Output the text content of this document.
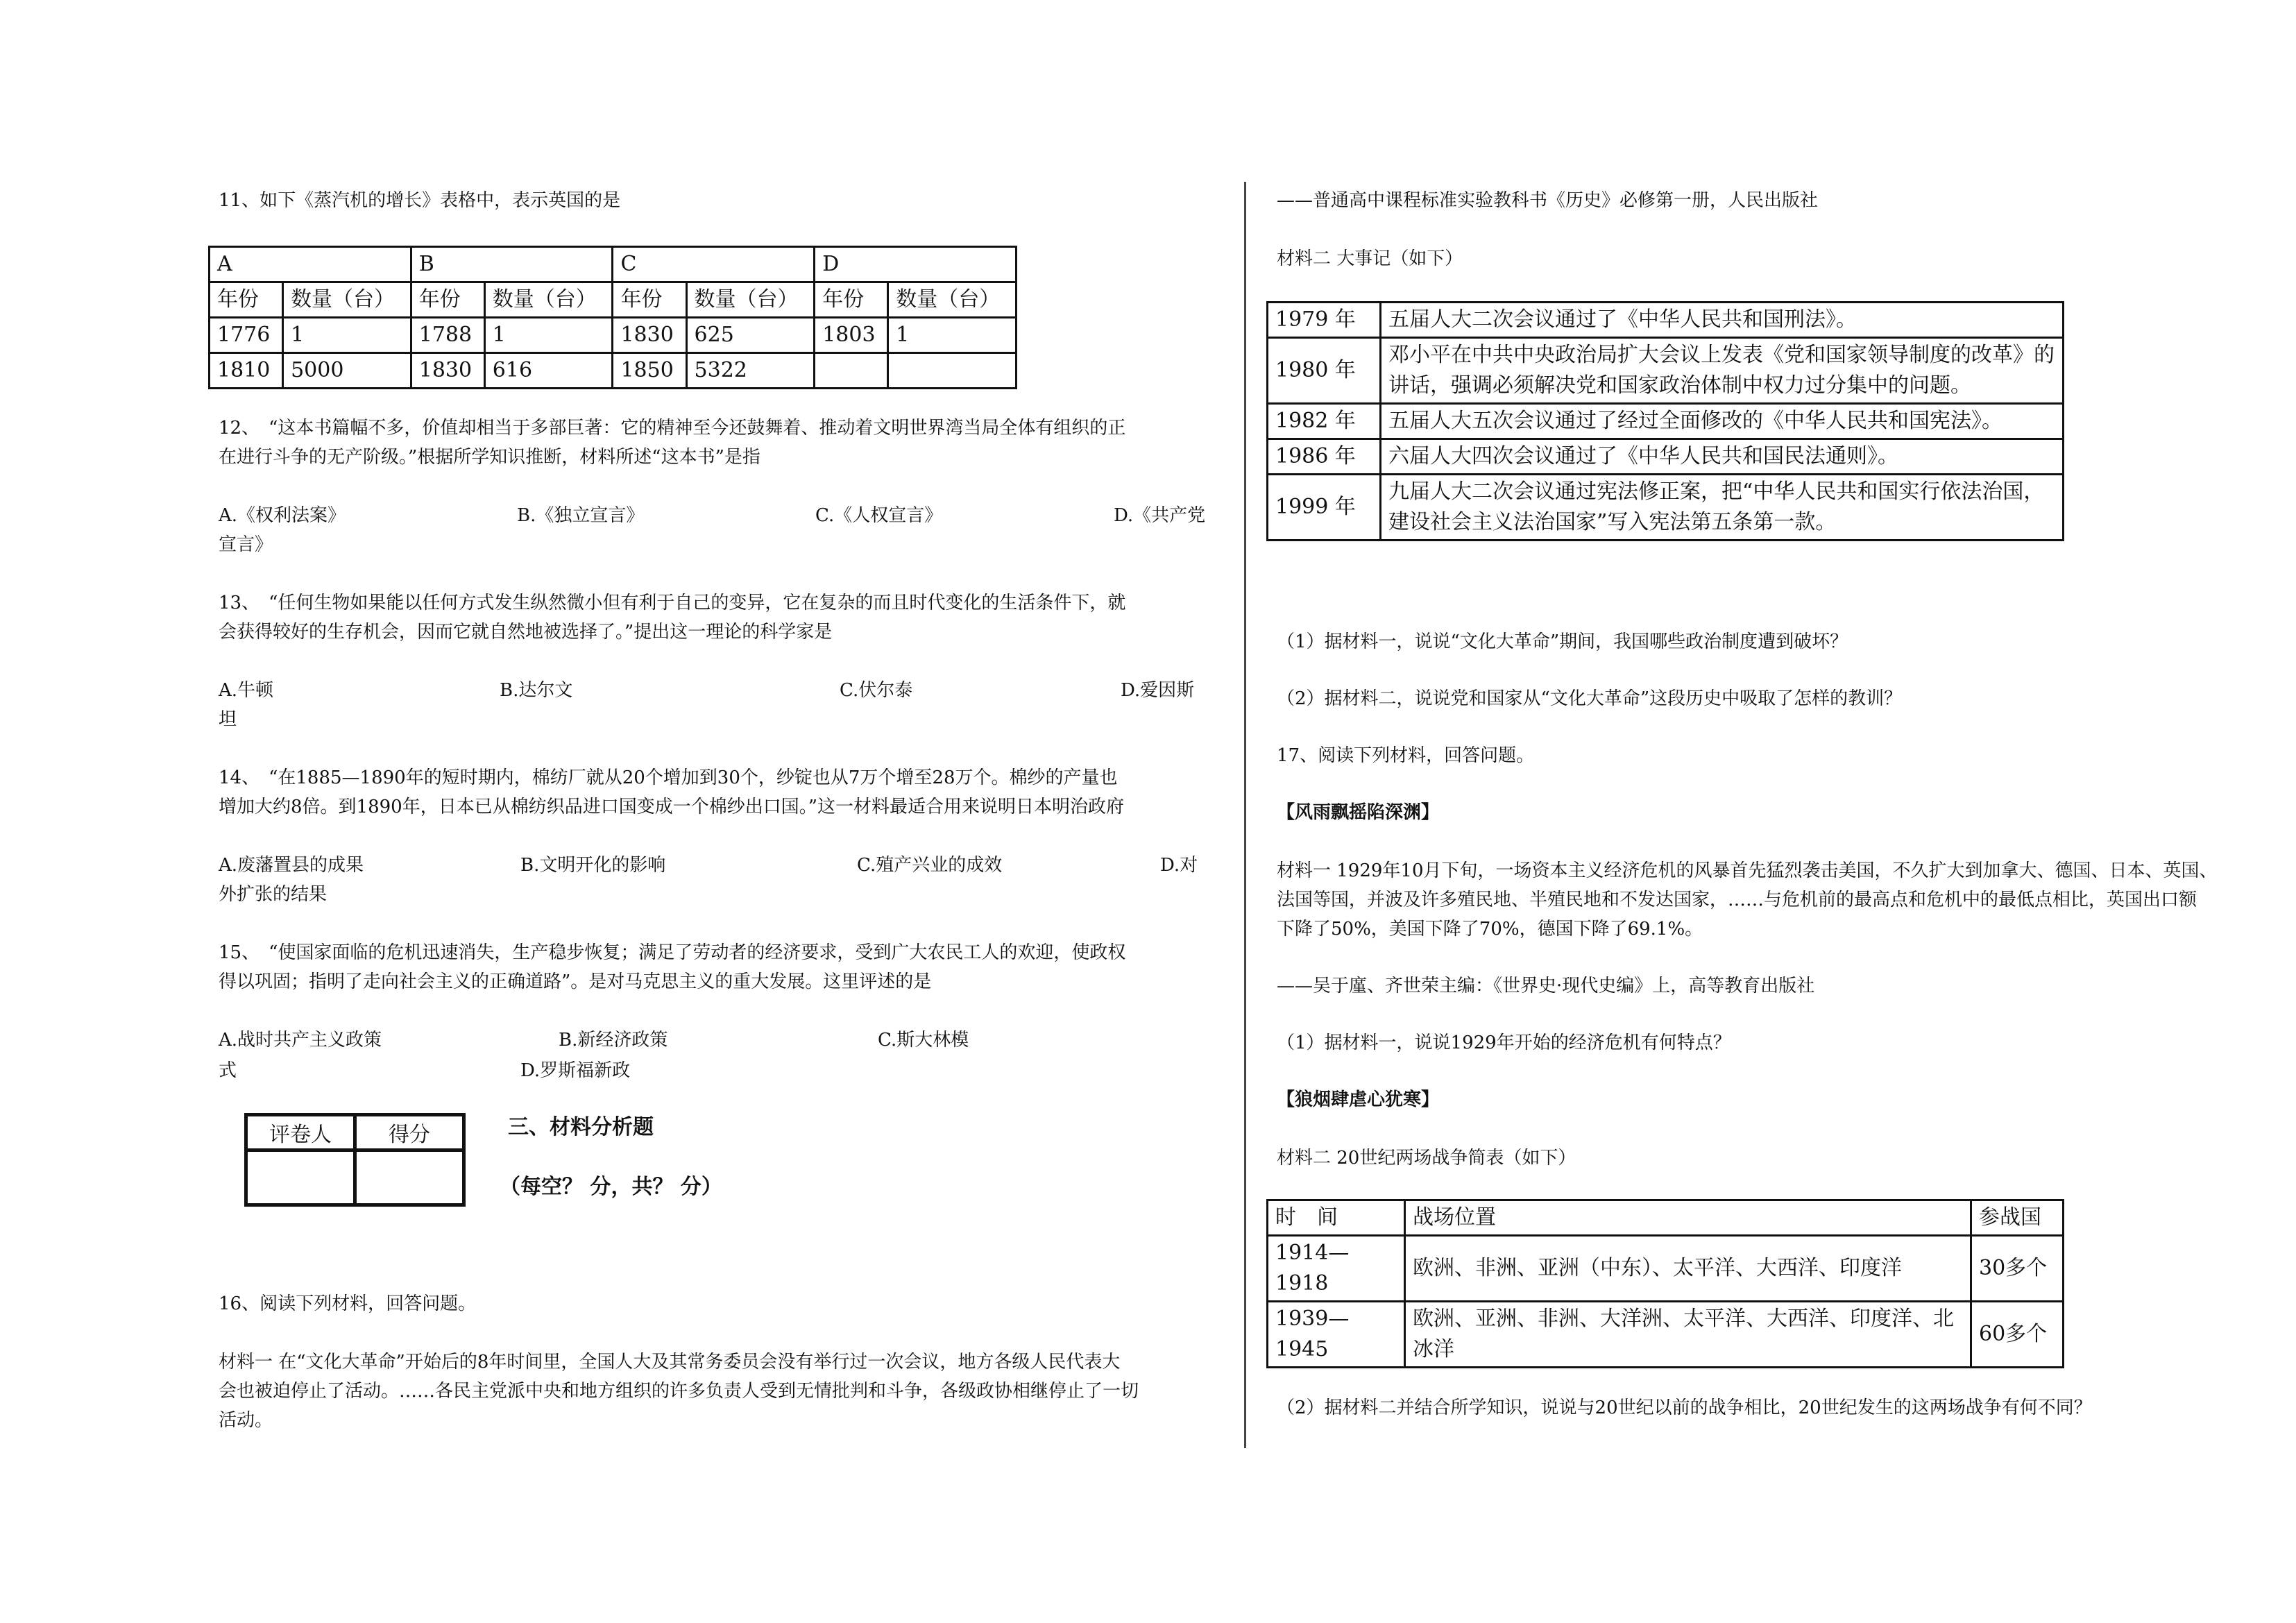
11、如下《蒸汽机的增长》表格中，表示英国的是
A		B		C		D	
年份	数量（台）	年份	数量（台）	年份	数量（台）	年份	数量（台）
1776	1	1788	1	1830	625	1803	1
1810	5000	1830	616	1850	5322		
12、　“这本书篇幅不多，价值却相当于多部巨著：它的精神至今还鼓舞着、推动着文明世界湾当局全体有组织的正
在进行斗争的无产阶级。”根据所学知识推断，材料所述“这本书”是指
A.《权利法案》	B.《独立宣言》	C.《人权宣言》	D.《共产党
宣言》
13、　“任何生物如果能以任何方式发生纵然微小但有利于自己的变异，它在复杂的而且时代变化的生活条件下，就
会获得较好的生存机会，因而它就自然地被选择了。”提出这一理论的科学家是
A.牛顿	B.达尔文	C.伏尔泰	D.爱因斯
坦
14、　“在1885—1890年的短时期内，棉纺厂就从20个增加到30个，纱锭也从7万个增至28万个。棉纱的产量也
增加大约8倍。到1890年，日本已从棉纺织品进口国变成一个棉纱出口国。”这一材料最适合用来说明日本明治政府
A.废藩置县的成果	B.文明开化的影响	C.殖产兴业的成效	D.对
外扩张的结果
15、　“使国家面临的危机迅速消失，生产稳步恢复；满足了劳动者的经济要求，受到广大农民工人的欢迎，使政权
得以巩固；指明了走向社会主义的正确道路”。是对马克思主义的重大发展。这里评述的是
A.战时共产主义政策	B.新经济政策	C.斯大林模
式	D.罗斯福新政
评卷人	得分
		三、材料分析题
（每空？ 分，共？ 分）
16、阅读下列材料，回答问题。
材料一 在“文化大革命”开始后的8年时间里，全国人大及其常务委员会没有举行过一次会议，地方各级人民代表大
会也被迫停止了活动。……各民主党派中央和地方组织的许多负责人受到无情批判和斗争，各级政协相继停止了一切
活动。
——普通高中课程标准实验教科书《历史》必修第一册，人民出版社
材料二 大事记（如下）
1979 年	五届人大二次会议通过了《中华人民共和国刑法》。
1980 年	邓小平在中共中央政治局扩大会议上发表《党和国家领导制度的改革》的讲话，强调必须解决党和国家政治体制中权力过分集中的问题。
1982 年	五届人大五次会议通过了经过全面修改的《中华人民共和国宪法》。
1986 年	六届人大四次会议通过了《中华人民共和国民法通则》。
1999 年	九届人大二次会议通过宪法修正案，把“中华人民共和国实行依法治国，建设社会主义法治国家”写入宪法第五条第一款。
（1）据材料一，说说“文化大革命”期间，我国哪些政治制度遭到破坏？
（2）据材料二，说说党和国家从“文化大革命”这段历史中吸取了怎样的教训？
17、阅读下列材料，回答问题。
【风雨飘摇陷深渊】
材料一 1929年10月下旬，一场资本主义经济危机的风暴首先猛烈袭击美国，不久扩大到加拿大、德国、日本、英国、
法国等国，并波及许多殖民地、半殖民地和不发达国家，……与危机前的最高点和危机中的最低点相比，英国出口额
下降了50%，美国下降了70%，德国下降了69.1%。
——吴于廑、齐世荣主编：《世界史·现代史编》上，高等教育出版社
（1）据材料一，说说1929年开始的经济危机有何特点？
【狼烟肆虐心犹寒】
材料二 20世纪两场战争简表（如下）
时　间	战场位置	参战国
1914—1918	欧洲、非洲、亚洲（中东）、太平洋、大西洋、印度洋	30多个
1939—1945	欧洲、亚洲、非洲、大洋洲、太平洋、大西洋、印度洋、北冰洋	60多个
（2）据材料二并结合所学知识，说说与20世纪以前的战争相比，20世纪发生的这两场战争有何不同？
